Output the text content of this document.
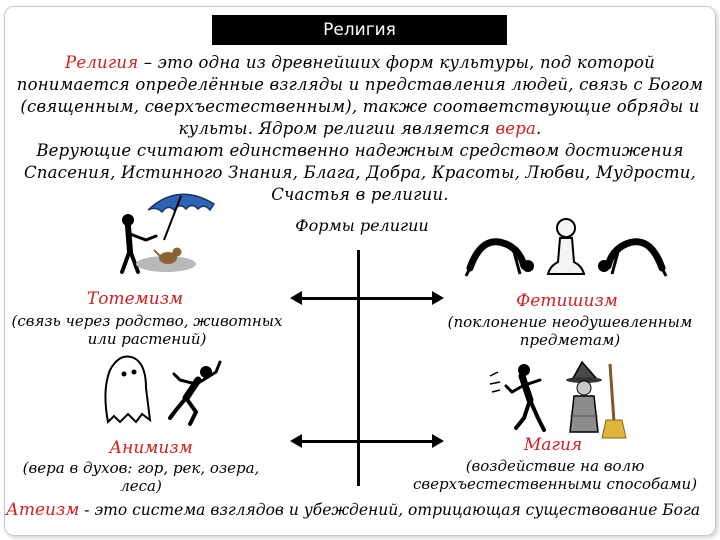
Религия
Религия – это одна из древнейших форм культуры, под которой понимается определённые взгляды и представления людей, связь с Богом (священным, сверхъестественным), также соответствующие обряды и культы. Ядром религии является вера.
Верующие считают единственно надежным средством достижения Спасения, Истинного Знания, Блага, Добра, Красоты, Любви, Мудрости, Счастья в религии.
Формы религии
Тотемизм
(связь через родство, животных или растений)
Фетишизм
(поклонение неодушевленным предметам)
Анимизм
(вера в духов: гор, рек, озера, леса)
Магия
(воздействие на волю сверхъестественными способами)
Атеизм - это система взглядов и убеждений, отрицающая существование Бога
